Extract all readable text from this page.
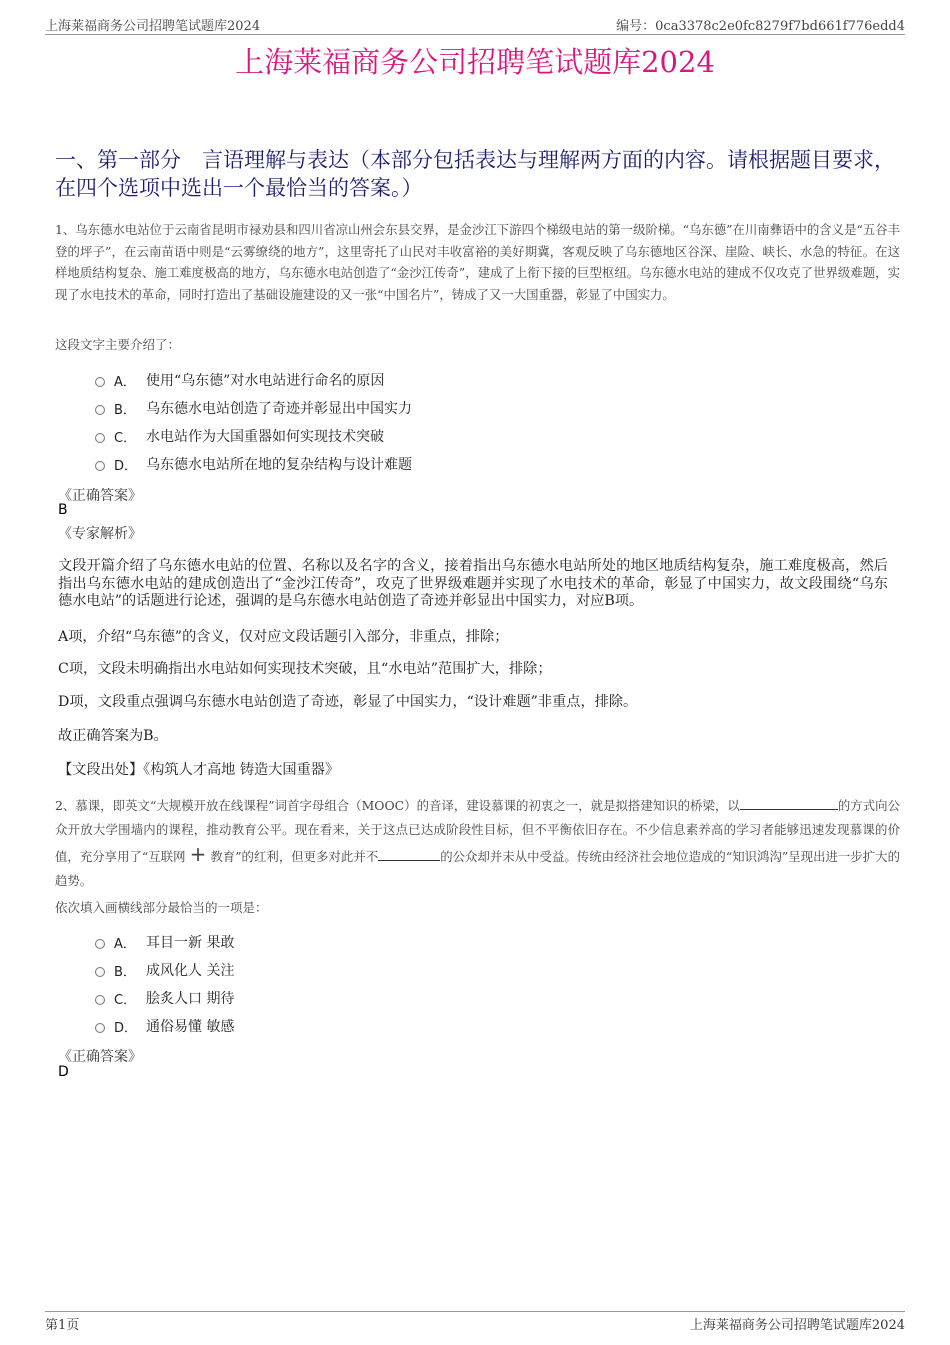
上海莱福商务公司招聘笔试题库2024	编号：0ca3378c2e0fc8279f7bd661f776edd4
上海莱福商务公司招聘笔试题库2024
一、第一部分　言语理解与表达（本部分包括表达与理解两方面的内容。请根据题目要求，在四个选项中选出一个最恰当的答案。）

1、乌东德水电站位于云南省昆明市禄劝县和四川省凉山州会东县交界，是金沙江下游四个梯级电站的第一级阶梯。“乌东德”在川南彝语中的含义是“五谷丰登的坪子”，在云南苗语中则是“云雾缭绕的地方”，这里寄托了山民对丰收富裕的美好期冀，客观反映了乌东德地区谷深、崖险、峡长、水急的特征。在这样地质结构复杂、施工难度极高的地方，乌东德水电站创造了“金沙江传奇”，建成了上衔下接的巨型枢纽。乌东德水电站的建成不仅攻克了世界级难题，实现了水电技术的革命，同时打造出了基础设施建设的又一张“中国名片”，铸成了又一大国重器，彰显了中国实力。

这段文字主要介绍了：

A． 使用“乌东德”对水电站进行命名的原因
B． 乌东德水电站创造了奇迹并彰显出中国实力
C． 水电站作为大国重器如何实现技术突破
D． 乌东德水电站所在地的复杂结构与设计难题

《正确答案》

B

《专家解析》

文段开篇介绍了乌东德水电站的位置、名称以及名字的含义，接着指出乌东德水电站所处的地区地质结构复杂，施工难度极高，然后指出乌东德水电站的建成创造出了“金沙江传奇”，攻克了世界级难题并实现了水电技术的革命，彰显了中国实力，故文段围绕“乌东德水电站”的话题进行论述，强调的是乌东德水电站创造了奇迹并彰显出中国实力，对应B项。

A项，介绍“乌东德”的含义，仅对应文段话题引入部分，非重点，排除；

C项，文段未明确指出水电站如何实现技术突破，且“水电站”范围扩大，排除；

D项，文段重点强调乌东德水电站创造了奇迹，彰显了中国实力，“设计难题”非重点，排除。

故正确答案为B。

【文段出处】《构筑人才高地 铸造大国重器》

2、慕课，即英文“大规模开放在线课程”词首字母组合（MOOC）的音译，建设慕课的初衷之一，就是拟搭建知识的桥梁，以	的方式向公众开放大学围墙内的课程，推动教育公平。现在看来，关于这点已达成阶段性目标，但不平衡依旧存在。不少信息素养高的学习者能够迅速发现慕课的价值，充分享用了“互联网 + 教育”的红利，但更多对此并不	的公众却并未从中受益。传统由经济社会地位造成的“知识鸿沟”呈现出进一步扩大的趋势。

依次填入画横线部分最恰当的一项是：

A． 耳目一新 果敢
B． 成风化人 关注
C． 脍炙人口 期待
D． 通俗易懂 敏感

《正确答案》

D

第1页	上海莱福商务公司招聘笔试题库2024
